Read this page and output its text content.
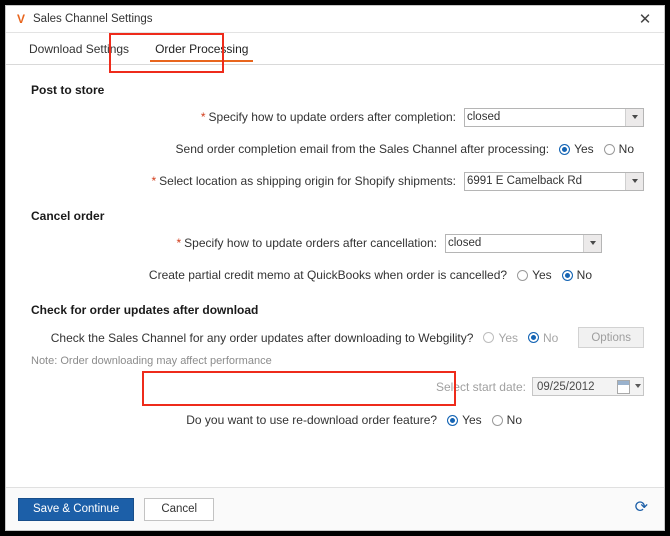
V Sales Channel Settings	✕
Download Settings	Order Processing
Post to store
* Specify how to update orders after completion:
closed
Send order completion email from the Sales Channel after processing: Yes No
* Select location as shipping origin for Shopify shipments:
6991 E Camelback Rd
Cancel order
* Specify how to update orders after cancellation:
closed
Create partial credit memo at QuickBooks when order is cancelled? Yes No
Check for order updates after download
Check the Sales Channel for any order updates after downloading to Webgility? Yes No	Options
Note: Order downloading may affect performance
Select start date: 09/25/2012
Do you want to use re-download order feature? Yes No
Save & Continue	Cancel	⟳
